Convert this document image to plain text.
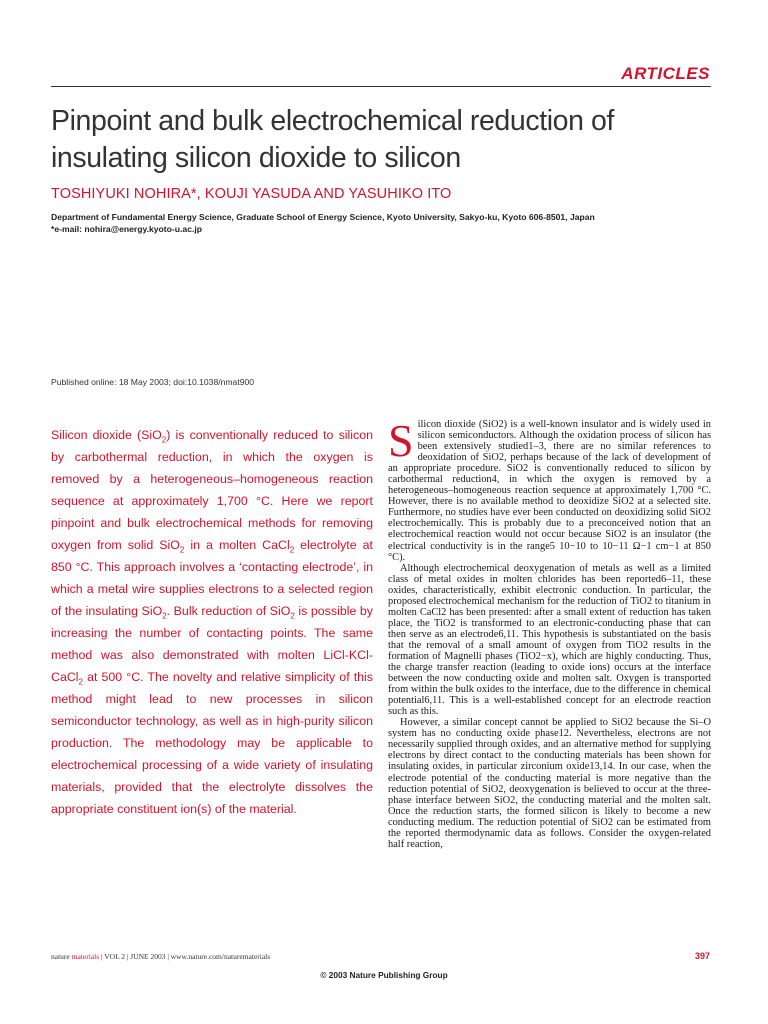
ARTICLES
Pinpoint and bulk electrochemical reduction of insulating silicon dioxide to silicon
TOSHIYUKI NOHIRA*, KOUJI YASUDA AND YASUHIKO ITO
Department of Fundamental Energy Science, Graduate School of Energy Science, Kyoto University, Sakyo-ku, Kyoto 606-8501, Japan
*e-mail: nohira@energy.kyoto-u.ac.jp
Published online: 18 May 2003; doi:10.1038/nmat900
Silicon dioxide (SiO$_2$) is conventionally reduced to silicon by carbothermal reduction, in which the oxygen is removed by a heterogeneous–homogeneous reaction sequence at approximately 1,700 °C. Here we report pinpoint and bulk electrochemical methods for removing oxygen from solid SiO$_2$ in a molten CaCl$_2$ electrolyte at 850 °C. This approach involves a ‘contacting electrode’, in which a metal wire supplies electrons to a selected region of the insulating SiO$_2$. Bulk reduction of SiO$_2$ is possible by increasing the number of contacting points. The same method was also demonstrated with molten LiCl-KCl-CaCl$_2$ at 500 °C. The novelty and relative simplicity of this method might lead to new processes in silicon semiconductor technology, as well as in high-purity silicon production. The methodology may be applicable to electrochemical processing of a wide variety of insulating materials, provided that the electrolyte dissolves the appropriate constituent ion(s) of the material.

Silicon dioxide (SiO2) is a well-known insulator and is widely used in silicon semiconductors. Although the oxidation process of silicon has been extensively studied1–3, there are no similar references to deoxidation of SiO2, perhaps because of the lack of development of an appropriate procedure. SiO2 is conventionally reduced to silicon by carbothermal reduction4, in which the oxygen is removed by a heterogeneous–homogeneous reaction sequence at approximately 1,700 °C. However, there is no available method to deoxidize SiO2 at a selected site. Furthermore, no studies have ever been conducted on deoxidizing solid SiO2 electrochemically. This is probably due to a preconceived notion that an electrochemical reaction would not occur because SiO2 is an insulator (the electrical conductivity is in the range5 10−10 to 10−11 Ω−1 cm−1 at 850 °C).

Although electrochemical deoxygenation of metals as well as a limited class of metal oxides in molten chlorides has been reported6–11, these oxides, characteristically, exhibit electronic conduction. In particular, the proposed electrochemical mechanism for the reduction of TiO2 to titanium in molten CaCl2 has been presented: after a small extent of reduction has taken place, the TiO2 is transformed to an electronic-conducting phase that can then serve as an electrode6,11. This hypothesis is substantiated on the basis that the removal of a small amount of oxygen from TiO2 results in the formation of Magnelli phases (TiO2−x), which are highly conducting. Thus, the charge transfer reaction (leading to oxide ions) occurs at the interface between the now conducting oxide and molten salt. Oxygen is transported from within the bulk oxides to the interface, due to the difference in chemical potential6,11. This is a well-established concept for an electrode reaction such as this.

However, a similar concept cannot be applied to SiO2 because the Si–O system has no conducting oxide phase12. Nevertheless, electrons are not necessarily supplied through oxides, and an alternative method for supplying electrons by direct contact to the conducting materials has been shown for insulating oxides, in particular zirconium oxide13,14. In our case, when the electrode potential of the conducting material is more negative than the reduction potential of SiO2, deoxygenation is believed to occur at the three-phase interface between SiO2, the conducting material and the molten salt. Once the reduction starts, the formed silicon is likely to become a new conducting medium. The reduction potential of SiO2 can be estimated from the reported thermodynamic data as follows. Consider the oxygen-related half reaction,

nature materials | VOL 2 | JUNE 2003 | www.nature.com/naturematerials	397
© 2003 Nature Publishing Group
